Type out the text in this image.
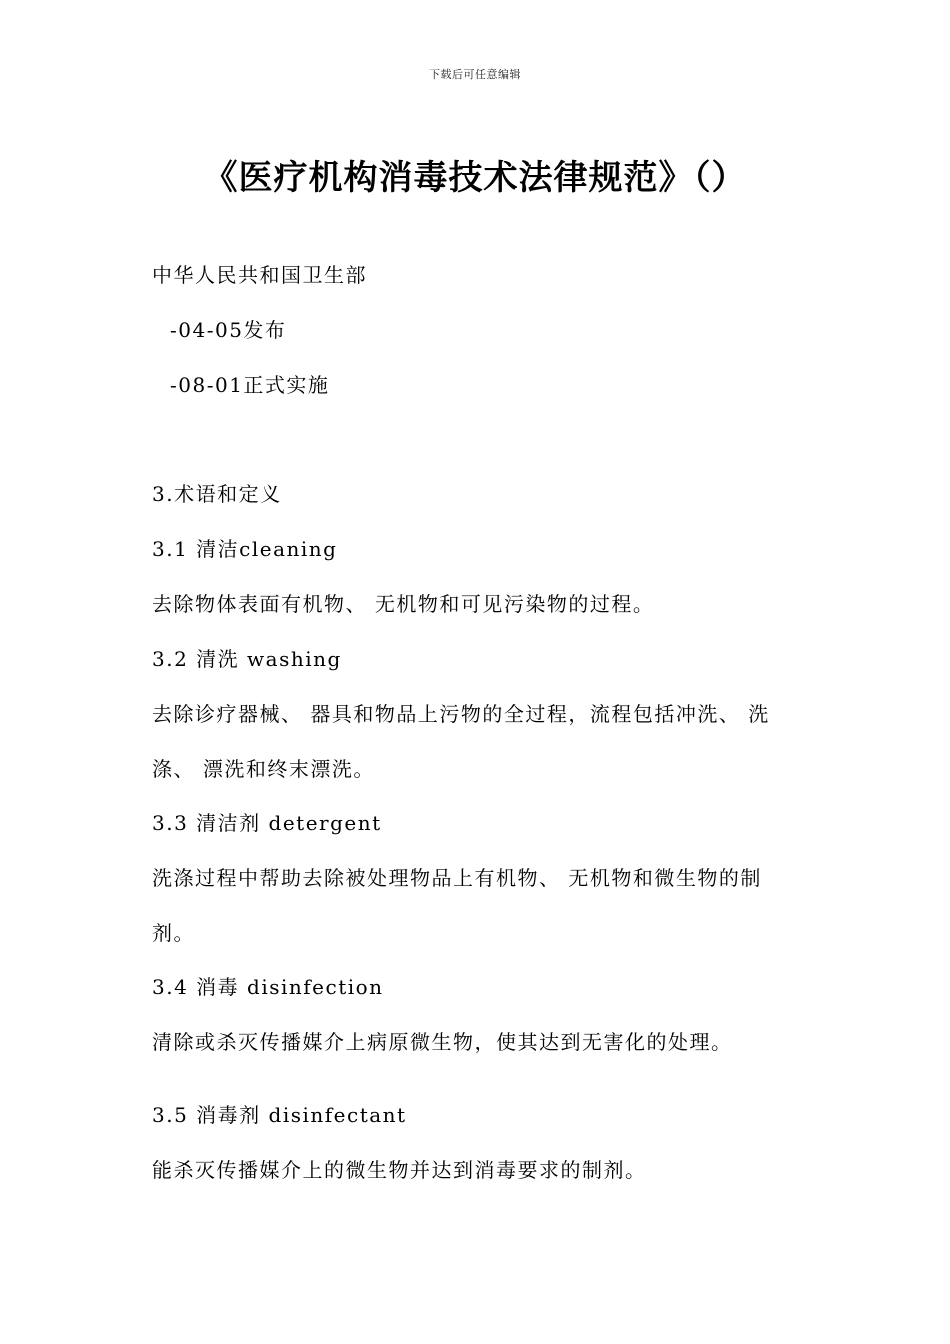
下载后可任意编辑
《医疗机构消毒技术法律规范》（）
中华人民共和国卫生部
-04-05发布
-08-01正式实施
3.术语和定义
3.1 清洁cleaning
去除物体表面有机物、 无机物和可见污染物的过程。
3.2 清洗 washing
去除诊疗器械、 器具和物品上污物的全过程，流程包括冲洗、 洗
涤、 漂洗和终末漂洗。
3.3 清洁剂 detergent
洗涤过程中帮助去除被处理物品上有机物、 无机物和微生物的制
剂。
3.4 消毒 disinfection
清除或杀灭传播媒介上病原微生物，使其达到无害化的处理。
3.5 消毒剂 disinfectant
能杀灭传播媒介上的微生物并达到消毒要求的制剂。
